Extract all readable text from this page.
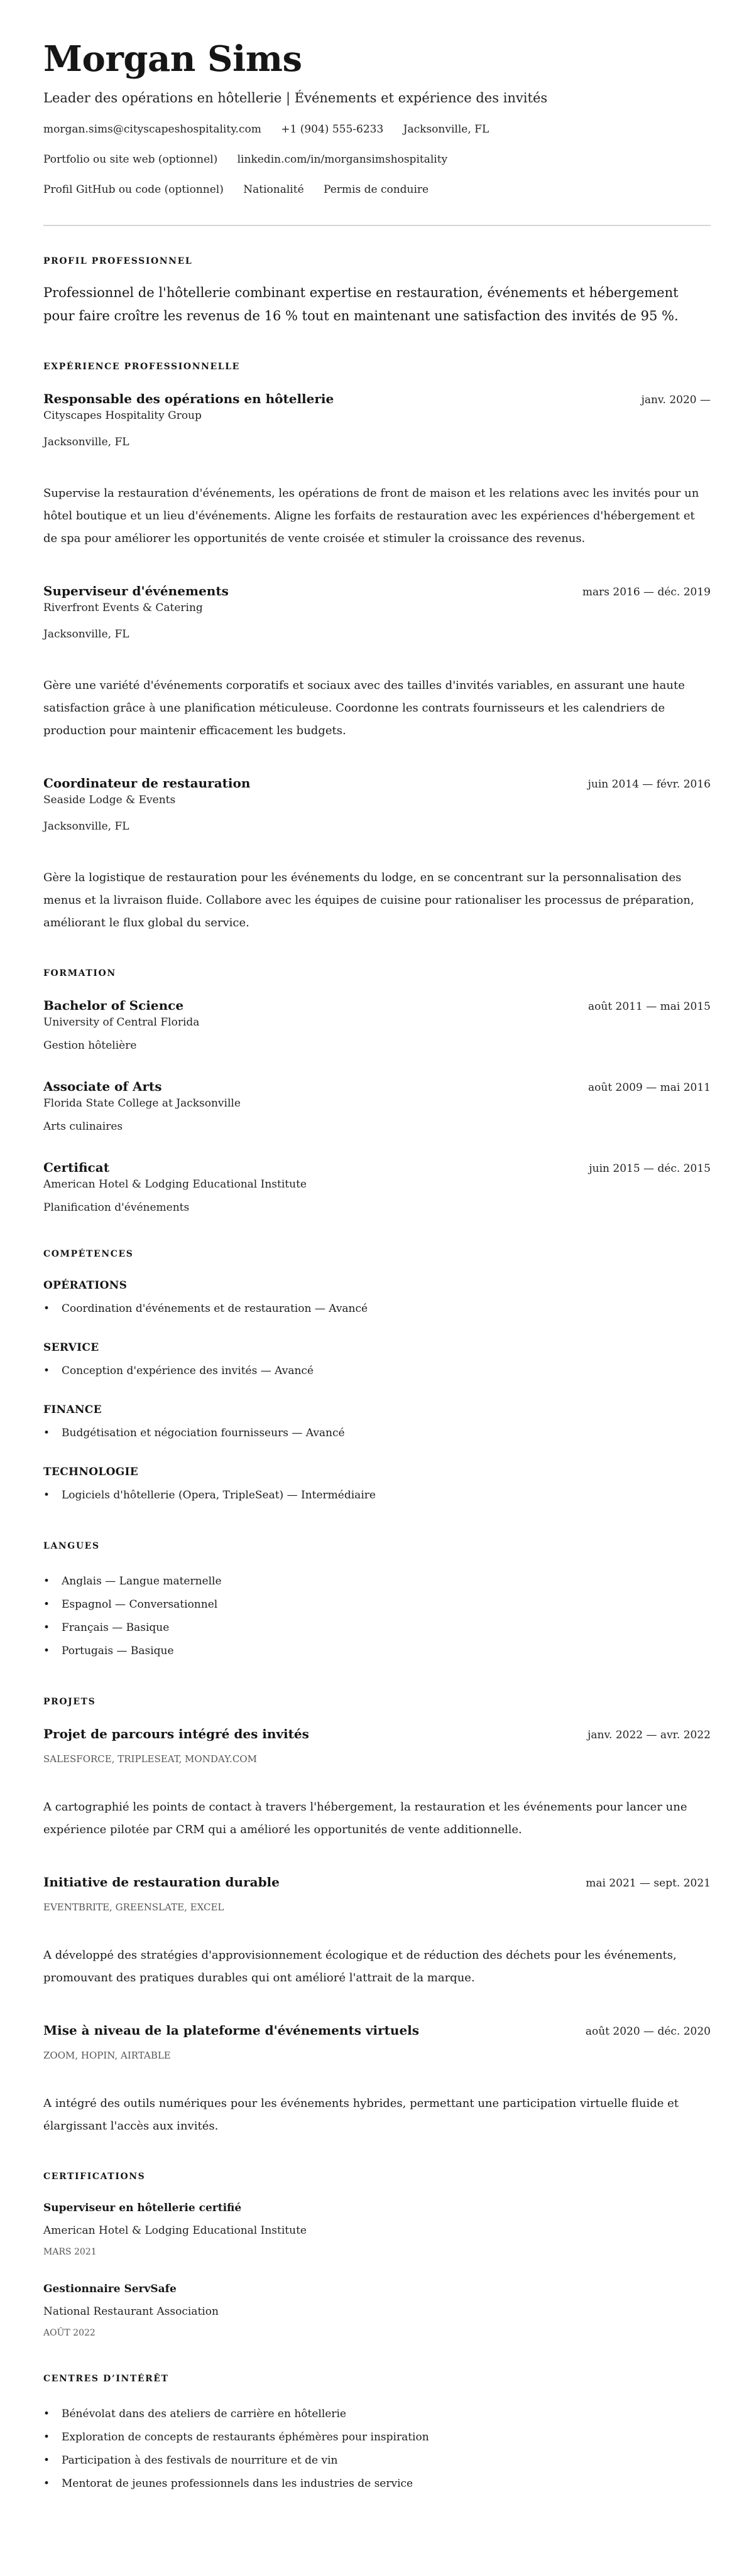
Morgan Sims
Leader des opérations en hôtellerie | Événements et expérience des invités
morgan.sims@cityscapeshospitality.com +1 (904) 555-6233 Jacksonville, FL
Portfolio ou site web (optionnel) linkedin.com/in/morgansimshospitality
Profil GitHub ou code (optionnel) Nationalité Permis de conduire
PROFIL PROFESSIONNEL
Professionnel de l'hôtellerie combinant expertise en restauration, événements et hébergement pour faire croître les revenus de 16 % tout en maintenant une satisfaction des invités de 95 %.
EXPÉRIENCE PROFESSIONNELLE
Responsable des opérations en hôtellerie	janv. 2020 —
Cityscapes Hospitality Group
Jacksonville, FL
Supervise la restauration d'événements, les opérations de front de maison et les relations avec les invités pour un hôtel boutique et un lieu d'événements. Aligne les forfaits de restauration avec les expériences d'hébergement et de spa pour améliorer les opportunités de vente croisée et stimuler la croissance des revenus.
Superviseur d'événements	mars 2016 — déc. 2019
Riverfront Events & Catering
Jacksonville, FL
Gère une variété d'événements corporatifs et sociaux avec des tailles d'invités variables, en assurant une haute satisfaction grâce à une planification méticuleuse. Coordonne les contrats fournisseurs et les calendriers de production pour maintenir efficacement les budgets.
Coordinateur de restauration	juin 2014 — févr. 2016
Seaside Lodge & Events
Jacksonville, FL
Gère la logistique de restauration pour les événements du lodge, en se concentrant sur la personnalisation des menus et la livraison fluide. Collabore avec les équipes de cuisine pour rationaliser les processus de préparation, améliorant le flux global du service.
FORMATION
Bachelor of Science	août 2011 — mai 2015
University of Central Florida
Gestion hôtelière
Associate of Arts	août 2009 — mai 2011
Florida State College at Jacksonville
Arts culinaires
Certificat	juin 2015 — déc. 2015
American Hotel & Lodging Educational Institute
Planification d'événements
COMPÉTENCES
OPÉRATIONS
• Coordination d'événements et de restauration — Avancé
SERVICE
• Conception d'expérience des invités — Avancé
FINANCE
• Budgétisation et négociation fournisseurs — Avancé
TECHNOLOGIE
• Logiciels d'hôtellerie (Opera, TripleSeat) — Intermédiaire
LANGUES
• Anglais — Langue maternelle
• Espagnol — Conversationnel
• Français — Basique
• Portugais — Basique
PROJETS
Projet de parcours intégré des invités	janv. 2022 — avr. 2022
SALESFORCE, TRIPLESEAT, MONDAY.COM
A cartographié les points de contact à travers l'hébergement, la restauration et les événements pour lancer une expérience pilotée par CRM qui a amélioré les opportunités de vente additionnelle.
Initiative de restauration durable	mai 2021 — sept. 2021
EVENTBRITE, GREENSLATE, EXCEL
A développé des stratégies d'approvisionnement écologique et de réduction des déchets pour les événements, promouvant des pratiques durables qui ont amélioré l'attrait de la marque.
Mise à niveau de la plateforme d'événements virtuels	août 2020 — déc. 2020
ZOOM, HOPIN, AIRTABLE
A intégré des outils numériques pour les événements hybrides, permettant une participation virtuelle fluide et élargissant l'accès aux invités.
CERTIFICATIONS
Superviseur en hôtellerie certifié
American Hotel & Lodging Educational Institute
MARS 2021
Gestionnaire ServSafe
National Restaurant Association
AOÛT 2022
CENTRES D’INTÉRÊT
• Bénévolat dans des ateliers de carrière en hôtellerie
• Exploration de concepts de restaurants éphémères pour inspiration
• Participation à des festivals de nourriture et de vin
• Mentorat de jeunes professionnels dans les industries de service
